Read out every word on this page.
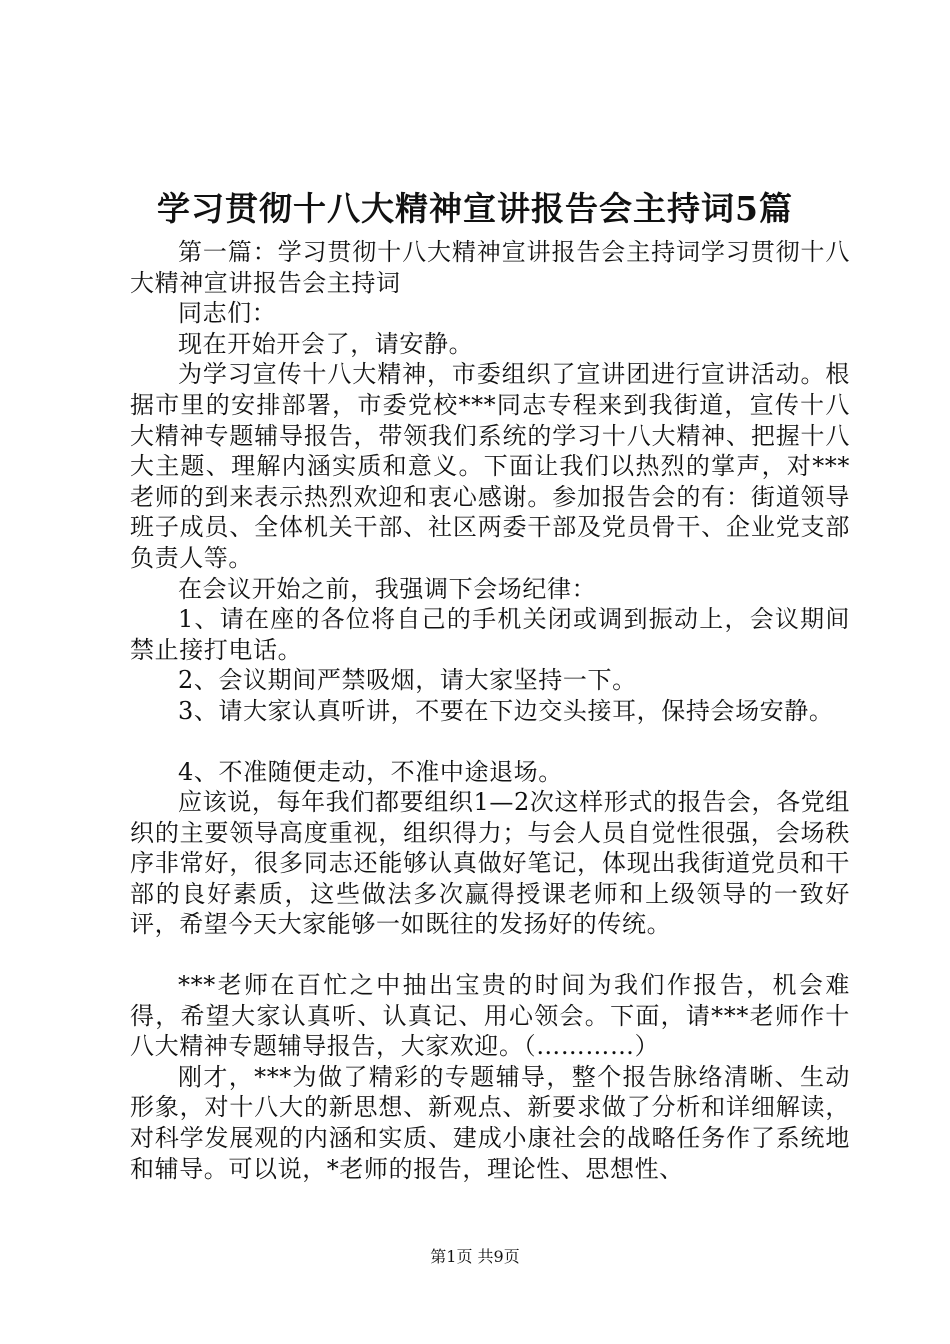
学习贯彻十八大精神宣讲报告会主持词5篇

第一篇：学习贯彻十八大精神宣讲报告会主持词学习贯彻十八大精神宣讲报告会主持词

同志们：

现在开始开会了，请安静。

为学习宣传十八大精神，市委组织了宣讲团进行宣讲活动。根据市里的安排部署，市委党校***同志专程来到我街道，宣传十八大精神专题辅导报告，带领我们系统的学习十八大精神、把握十八大主题、理解内涵实质和意义。下面让我们以热烈的掌声，对***老师的到来表示热烈欢迎和衷心感谢。参加报告会的有：街道领导班子成员、全体机关干部、社区两委干部及党员骨干、企业党支部负责人等。

在会议开始之前，我强调下会场纪律：

1、请在座的各位将自己的手机关闭或调到振动上，会议期间禁止接打电话。

2、会议期间严禁吸烟，请大家坚持一下。

3、请大家认真听讲，不要在下边交头接耳，保持会场安静。

4、不准随便走动，不准中途退场。

应该说，每年我们都要组织1—2次这样形式的报告会，各党组织的主要领导高度重视，组织得力；与会人员自觉性很强，会场秩序非常好，很多同志还能够认真做好笔记，体现出我街道党员和干部的良好素质，这些做法多次赢得授课老师和上级领导的一致好评，希望今天大家能够一如既往的发扬好的传统。

***老师在百忙之中抽出宝贵的时间为我们作报告，机会难得，希望大家认真听、认真记、用心领会。下面，请***老师作十八大精神专题辅导报告，大家欢迎。（…………）

刚才，***为做了精彩的专题辅导，整个报告脉络清晰、生动形象，对十八大的新思想、新观点、新要求做了分析和详细解读，对科学发展观的内涵和实质、建成小康社会的战略任务作了系统地和辅导。可以说，*老师的报告，理论性、思想性、

第1页 共9页
